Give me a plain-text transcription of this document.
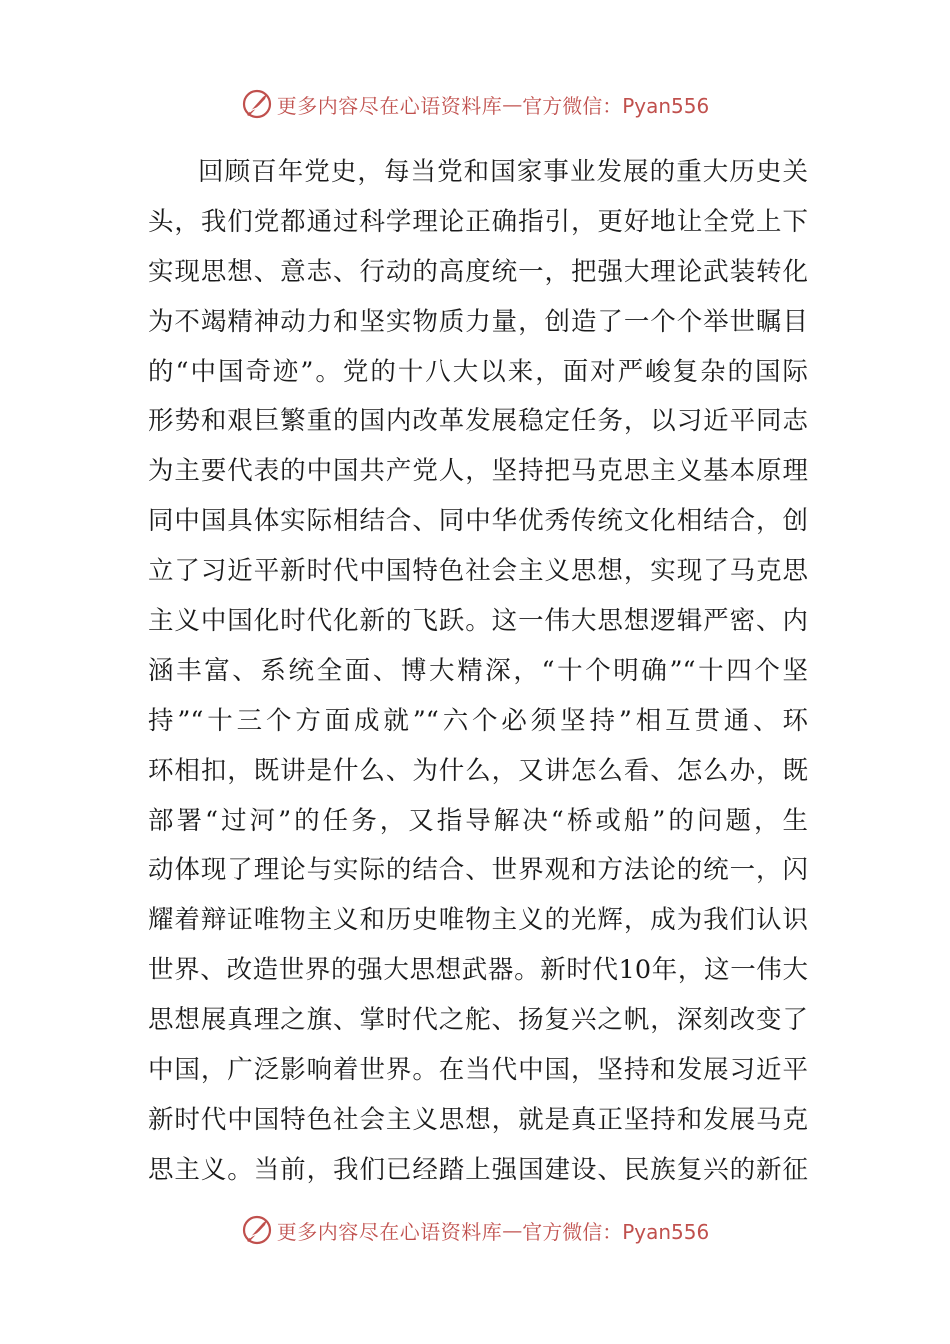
更多内容尽在心语资料库 — 官方微信：Pyan556
回顾百年党史，每当党和国家事业发展的重大历史关
头，我们党都通过科学理论正确指引，更好地让全党上下
实现思想、意志、行动的高度统一，把强大理论武装转化
为不竭精神动力和坚实物质力量，创造了一个个举世瞩目
的“中国奇迹”。党的十八大以来，面对严峻复杂的国际
形势和艰巨繁重的国内改革发展稳定任务，以习近平同志
为主要代表的中国共产党人，坚持把马克思主义基本原理
同中国具体实际相结合、同中华优秀传统文化相结合，创
立了习近平新时代中国特色社会主义思想，实现了马克思
主义中国化时代化新的飞跃。这一伟大思想逻辑严密、内
涵丰富、系统全面、博大精深，“十个明确”“十四个坚
持”“十三个方面成就”“六个必须坚持”相互贯通、环
环相扣，既讲是什么、为什么，又讲怎么看、怎么办，既
部署“过河”的任务，又指导解决“桥或船”的问题，生
动体现了理论与实际的结合、世界观和方法论的统一，闪
耀着辩证唯物主义和历史唯物主义的光辉，成为我们认识
世界、改造世界的强大思想武器。新时代10年，这一伟大
思想展真理之旗、掌时代之舵、扬复兴之帆，深刻改变了
中国，广泛影响着世界。在当代中国，坚持和发展习近平
新时代中国特色社会主义思想，就是真正坚持和发展马克
思主义。当前，我们已经踏上强国建设、民族复兴的新征
更多内容尽在心语资料库 — 官方微信：Pyan556
